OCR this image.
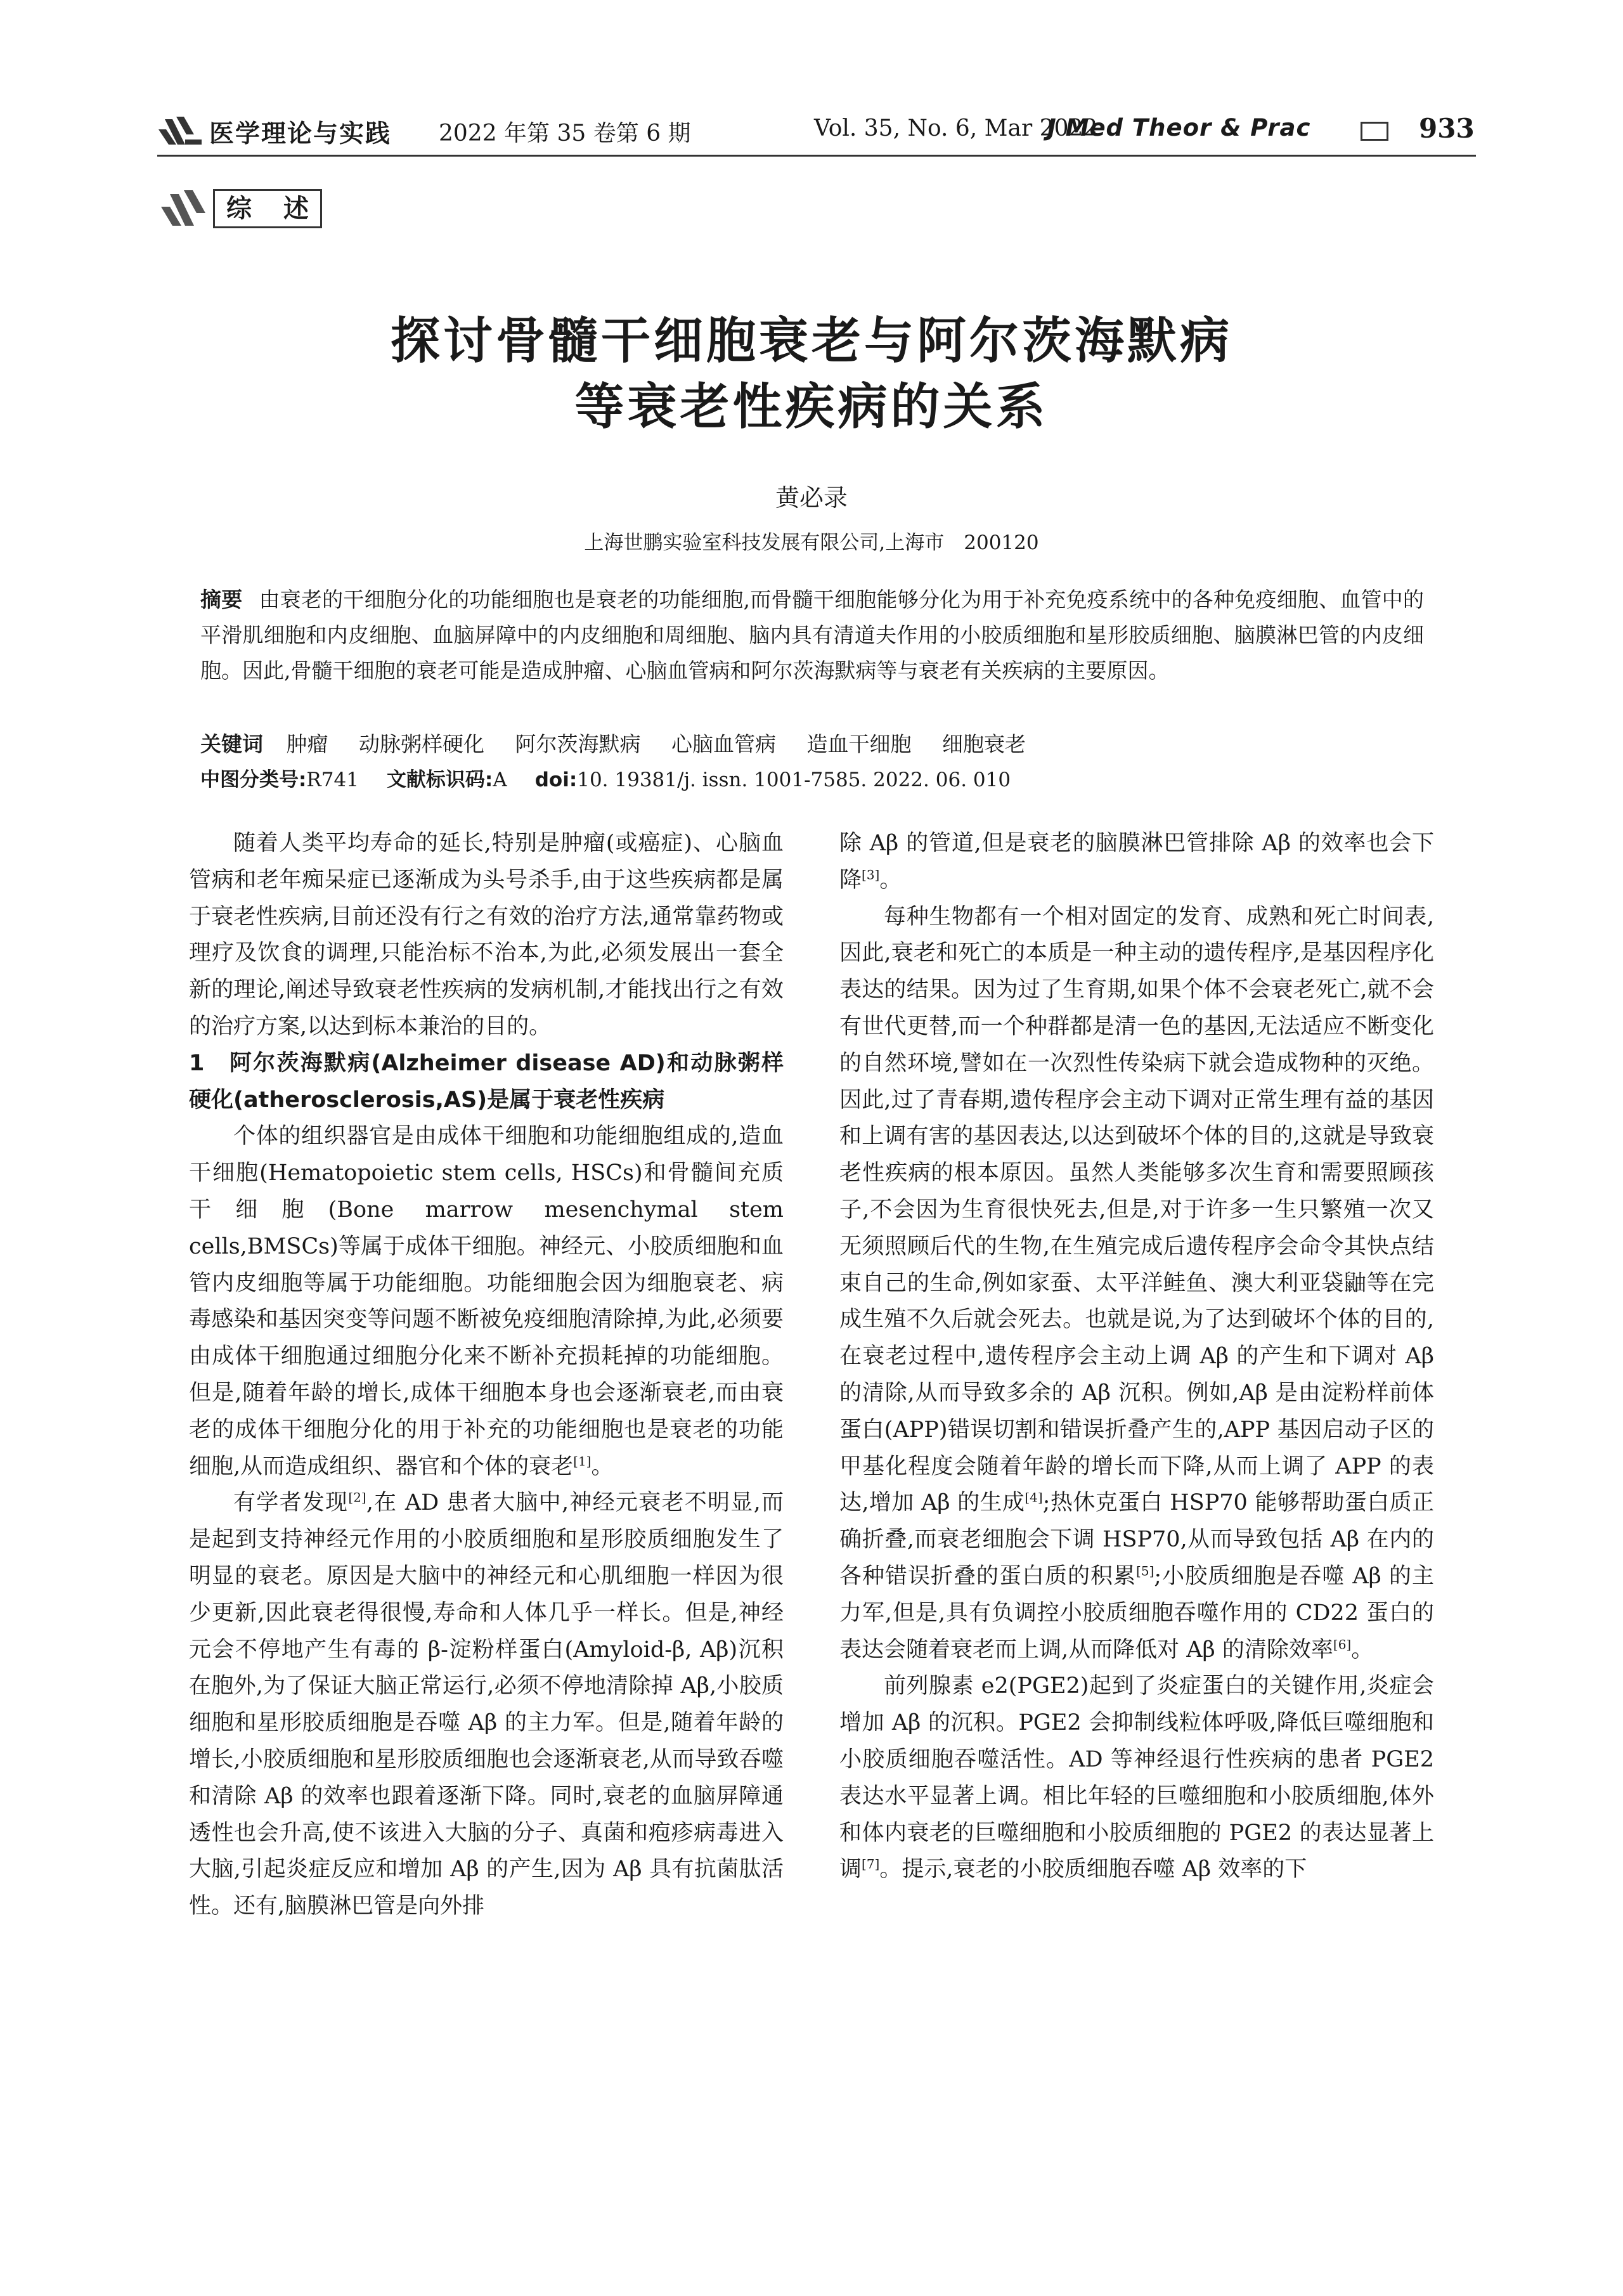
医学理论与实践 2022 年第 35 卷第 6 期	Vol. 35, No. 6, Mar 2022
J Med Theor & Prac	933
综 述
探讨骨髓干细胞衰老与阿尔茨海默病
等衰老性疾病的关系
黄必录
上海世鹏实验室科技发展有限公司,上海市　200120
摘要 由衰老的干细胞分化的功能细胞也是衰老的功能细胞,而骨髓干细胞能够分化为用于补充免疫系统中的各种免疫细胞、血管中的平滑肌细胞和内皮细胞、血脑屏障中的内皮细胞和周细胞、脑内具有清道夫作用的小胶质细胞和星形胶质细胞、脑膜淋巴管的内皮细胞。因此,骨髓干细胞的衰老可能是造成肿瘤、心脑血管病和阿尔茨海默病等与衰老有关疾病的主要原因。
关键词 肿瘤 动脉粥样硬化 阿尔茨海默病 心脑血管病 造血干细胞 细胞衰老
中图分类号:R741 文献标识码:A doi:10. 19381/j. issn. 1001-7585. 2022. 06. 010

随着人类平均寿命的延长,特别是肿瘤(或癌症)、心脑血管病和老年痴呆症已逐渐成为头号杀手,由于这些疾病都是属于衰老性疾病,目前还没有行之有效的治疗方法,通常靠药物或理疗及饮食的调理,只能治标不治本,为此,必须发展出一套全新的理论,阐述导致衰老性疾病的发病机制,才能找出行之有效的治疗方案,以达到标本兼治的目的。

1　阿尔茨海默病(Alzheimer disease AD)和动脉粥样硬化(atherosclerosis,AS)是属于衰老性疾病

个体的组织器官是由成体干细胞和功能细胞组成的,造血干细胞(Hematopoietic stem cells, HSCs)和骨髓间充质干细胞(Bone marrow mesenchymal stem cells,BMSCs)等属于成体干细胞。神经元、小胶质细胞和血管内皮细胞等属于功能细胞。功能细胞会因为细胞衰老、病毒感染和基因突变等问题不断被免疫细胞清除掉,为此,必须要由成体干细胞通过细胞分化来不断补充损耗掉的功能细胞。但是,随着年龄的增长,成体干细胞本身也会逐渐衰老,而由衰老的成体干细胞分化的用于补充的功能细胞也是衰老的功能细胞,从而造成组织、器官和个体的衰老[1]。

有学者发现[2],在 AD 患者大脑中,神经元衰老不明显,而是起到支持神经元作用的小胶质细胞和星形胶质细胞发生了明显的衰老。原因是大脑中的神经元和心肌细胞一样因为很少更新,因此衰老得很慢,寿命和人体几乎一样长。但是,神经元会不停地产生有毒的 β-淀粉样蛋白(Amyloid-β, Aβ)沉积在胞外,为了保证大脑正常运行,必须不停地清除掉 Aβ,小胶质细胞和星形胶质细胞是吞噬 Aβ 的主力军。但是,随着年龄的增长,小胶质细胞和星形胶质细胞也会逐渐衰老,从而导致吞噬和清除 Aβ 的效率也跟着逐渐下降。同时,衰老的血脑屏障通透性也会升高,使不该进入大脑的分子、真菌和疱疹病毒进入大脑,引起炎症反应和增加 Aβ 的产生,因为 Aβ 具有抗菌肽活性。还有,脑膜淋巴管是向外排

除 Aβ 的管道,但是衰老的脑膜淋巴管排除 Aβ 的效率也会下降[3]。

每种生物都有一个相对固定的发育、成熟和死亡时间表,因此,衰老和死亡的本质是一种主动的遗传程序,是基因程序化表达的结果。因为过了生育期,如果个体不会衰老死亡,就不会有世代更替,而一个种群都是清一色的基因,无法适应不断变化的自然环境,譬如在一次烈性传染病下就会造成物种的灭绝。因此,过了青春期,遗传程序会主动下调对正常生理有益的基因和上调有害的基因表达,以达到破坏个体的目的,这就是导致衰老性疾病的根本原因。虽然人类能够多次生育和需要照顾孩子,不会因为生育很快死去,但是,对于许多一生只繁殖一次又无须照顾后代的生物,在生殖完成后遗传程序会命令其快点结束自己的生命,例如家蚕、太平洋鲑鱼、澳大利亚袋鼬等在完成生殖不久后就会死去。也就是说,为了达到破坏个体的目的,在衰老过程中,遗传程序会主动上调 Aβ 的产生和下调对 Aβ 的清除,从而导致多余的 Aβ 沉积。例如,Aβ 是由淀粉样前体蛋白(APP)错误切割和错误折叠产生的,APP 基因启动子区的甲基化程度会随着年龄的增长而下降,从而上调了 APP 的表达,增加 Aβ 的生成[4];热休克蛋白 HSP70 能够帮助蛋白质正确折叠,而衰老细胞会下调 HSP70,从而导致包括 Aβ 在内的各种错误折叠的蛋白质的积累[5];小胶质细胞是吞噬 Aβ 的主力军,但是,具有负调控小胶质细胞吞噬作用的 CD22 蛋白的表达会随着衰老而上调,从而降低对 Aβ 的清除效率[6]。

前列腺素 e2(PGE2)起到了炎症蛋白的关键作用,炎症会增加 Aβ 的沉积。PGE2 会抑制线粒体呼吸,降低巨噬细胞和小胶质细胞吞噬活性。AD 等神经退行性疾病的患者 PGE2 表达水平显著上调。相比年轻的巨噬细胞和小胶质细胞,体外和体内衰老的巨噬细胞和小胶质细胞的 PGE2 的表达显著上调[7]。提示,衰老的小胶质细胞吞噬 Aβ 效率的下
